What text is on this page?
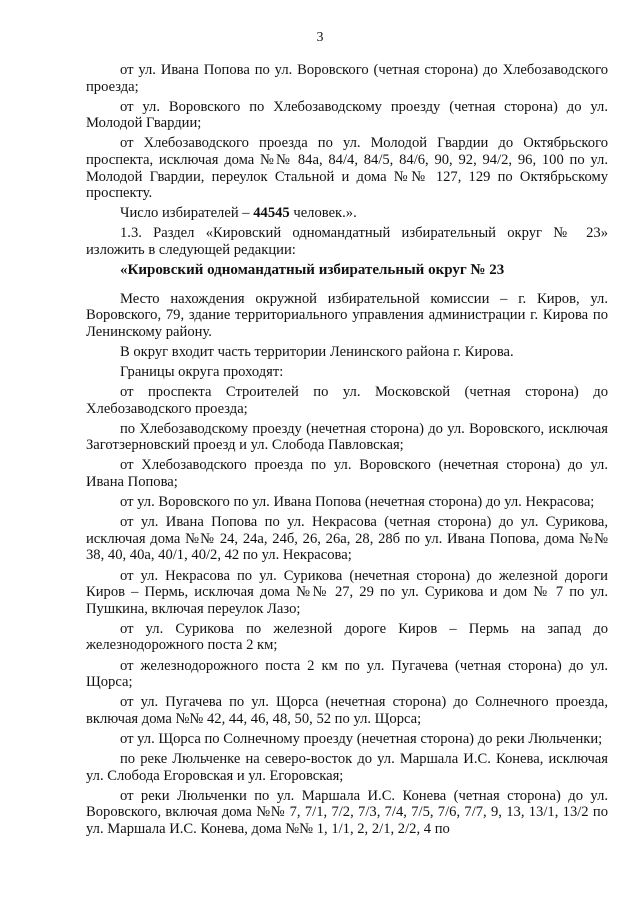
3

от ул. Ивана Попова по ул. Воровского (четная сторона) до Хлебозаводского проезда;

от ул. Воровского по Хлебозаводскому проезду (четная сторона) до ул. Молодой Гвардии;

от Хлебозаводского проезда по ул. Молодой Гвардии до Октябрьского проспекта, исключая дома №№ 84а, 84/4, 84/5, 84/6, 90, 92, 94/2, 96, 100 по ул. Молодой Гвардии, переулок Стальной и дома №№ 127, 129 по Октябрьскому проспекту.

Число избирателей – 44545 человек.».

1.3. Раздел «Кировский одномандатный избирательный округ № 23» изложить в следующей редакции:

«Кировский одномандатный избирательный округ № 23

Место нахождения окружной избирательной комиссии – г. Киров, ул. Воровского, 79, здание территориального управления администрации г. Кирова по Ленинскому району.

В округ входит часть территории Ленинского района г. Кирова.

Границы округа проходят:

от проспекта Строителей по ул. Московской (четная сторона) до Хлебозаводского проезда;

по Хлебозаводскому проезду (нечетная сторона) до ул. Воровского, исключая Заготзерновский проезд и ул. Слобода Павловская;

от Хлебозаводского проезда по ул. Воровского (нечетная сторона) до ул. Ивана Попова;

от ул. Воровского по ул. Ивана Попова (нечетная сторона) до ул. Некрасова;

от ул. Ивана Попова по ул. Некрасова (четная сторона) до ул. Сурикова, исключая дома №№ 24, 24а, 24б, 26, 26а, 28, 28б по ул. Ивана Попова, дома №№ 38, 40, 40а, 40/1, 40/2, 42 по ул. Некрасова;

от ул. Некрасова по ул. Сурикова (нечетная сторона) до железной дороги Киров – Пермь, исключая дома №№ 27, 29 по ул. Сурикова и дом № 7 по ул. Пушкина, включая переулок Лазо;

от ул. Сурикова по железной дороге Киров – Пермь на запад до железнодорожного поста 2 км;

от железнодорожного поста 2 км по ул. Пугачева (четная сторона) до ул. Щорса;

от ул. Пугачева по ул. Щорса (нечетная сторона) до Солнечного проезда, включая дома №№ 42, 44, 46, 48, 50, 52 по ул. Щорса;

от ул. Щорса по Солнечному проезду (нечетная сторона) до реки Люльченки;

по реке Люльченке на северо-восток до ул. Маршала И.С. Конева, исключая ул. Слобода Егоровская и ул. Егоровская;

от реки Люльченки по ул. Маршала И.С. Конева (четная сторона) до ул. Воровского, включая дома №№ 7, 7/1, 7/2, 7/3, 7/4, 7/5, 7/6, 7/7, 9, 13, 13/1, 13/2 по ул. Маршала И.С. Конева, дома №№ 1, 1/1, 2, 2/1, 2/2, 4 по
